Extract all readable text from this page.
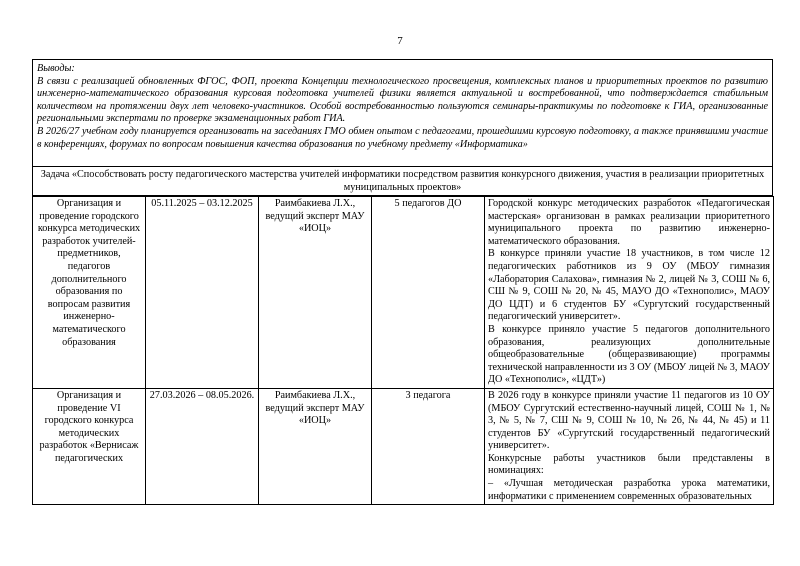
7

Выводы:

В связи с реализацией обновленных ФГОС, ФОП, проекта Концепции технологического просвещения, комплексных планов и приоритетных проектов по развитию инженерно-математического образования курсовая подготовка учителей физики является актуальной и востребованной, что подтверждается стабильным количеством на протяжении двух лет человеко-участников. Особой востребованностью пользуются семинары-практикумы по подготовке к ГИА, организованные региональными экспертами по проверке экзаменационных работ ГИА.

В 2026/27 учебном году планируется организовать на заседаниях ГМО обмен опытом с педагогами, прошедшими курсовую подготовку, а также принявшими участие в конференциях, форумах по вопросам повышения качества образования по учебному предмету «Информатика»

Задача «Способствовать росту педагогического мастерства учителей информатики посредством развития конкурсного движения, участия в реализации приоритетных муниципальных проектов»
Организация и проведение городского конкурса методических разработок учителей-предметников, педагогов дополнительного образования по вопросам развития инженерно-математического образования	05.11.2025 – 03.12.2025	Раимбакиева Л.Х., ведущий эксперт МАУ «ИОЦ»	5 педагогов ДО	Городской конкурс методических разработок «Педагогическая мастерская» организован в рамках реализации приоритетного муниципального проекта по развитию инженерно-математического образования.

В конкурсе приняли участие 18 участников, в том числе 12 педагогических работников из 9 ОУ (МБОУ гимназия «Лаборатория Салахова», гимназия № 2, лицей № 3, СОШ № 6, СШ № 9, СОШ № 20, № 45, МАУО ДО «Технополис», МАОУ ДО ЦДТ) и 6 студентов БУ «Сургутский государственный педагогический университет».

В конкурсе приняло участие 5 педагогов дополнительного образования, реализующих дополнительные общеобразовательные (общеразвивающие) программы технической направленности из 3 ОУ (МБОУ лицей № 3, МАОУ ДО «Технополис», «ЦДТ»)

Организация и проведение VI городского конкурса методических разработок «Вернисаж педагогических	27.03.2026 – 08.05.2026.	Раимбакиева Л.Х., ведущий эксперт МАУ «ИОЦ»	3 педагога	В 2026 году в конкурсе приняли участие 11 педагогов из 10 ОУ (МБОУ Сургутский естественно-научный лицей, СОШ № 1, № 3, № 5, № 7, СШ № 9, СОШ № 10, № 26, № 44, № 45) и 11 студентов БУ «Сургутский государственный педагогический университет».

Конкурсные работы участников были представлены в номинациях:

– «Лучшая методическая разработка урока математики, информатики с применением современных образовательных
